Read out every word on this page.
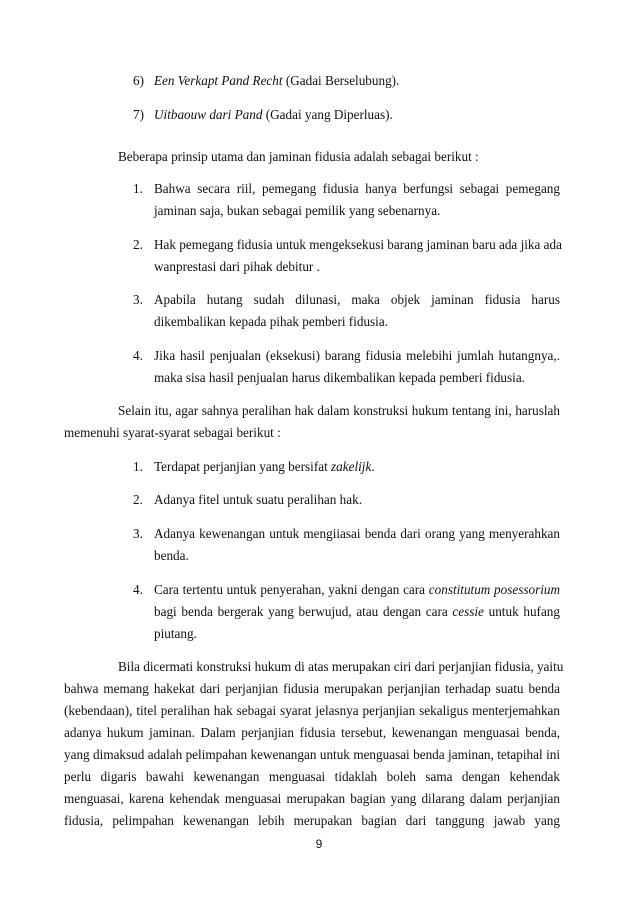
6) Een Verkapt Pand Recht (Gadai Berselubung).
7) Uitbaouw dari Pand (Gadai yang Diperluas).
Beberapa prinsip utama dan jaminan fidusia adalah sebagai berikut :
1. Bahwa secara riil, pemegang fidusia hanya berfungsi sebagai pemegang
jaminan saja, bukan sebagai pemilik yang sebenarnya.
2. Hak pemegang fidusia untuk mengeksekusi barang jaminan baru ada jika ada
wanprestasi dari pihak debitur .
3. Apabila hutang sudah dilunasi, maka objek jaminan fidusia harus
dikembalikan kepada pihak pemberi fidusia.
4. Jika hasil penjualan (eksekusi) barang fidusia melebihi jumlah hutangnya,.
maka sisa hasil penjualan harus dikembalikan kepada pemberi fidusia.
Selain itu, agar sahnya peralihan hak dalam konstruksi hukum tentang ini, haruslah
memenuhi syarat-syarat sebagai berikut :
1. Terdapat perjanjian yang bersifat zakelijk.
2. Adanya fitel untuk suatu peralihan hak.
3. Adanya kewenangan untuk mengiiasai benda dari orang yang menyerahkan
benda.
4. Cara tertentu untuk penyerahan, yakni dengan cara constitutum posessorium
bagi benda bergerak yang berwujud, atau dengan cara cessie untuk hufang
piutang.
Bila dicermati konstruksi hukum di atas merupakan ciri dari perjanjian fidusia, yaitu
bahwa memang hakekat dari perjanjian fidusia merupakan perjanjian terhadap suatu benda
(kebendaan), titel peralihan hak sebagai syarat jelasnya perjanjian sekaligus menterjemahkan
adanya hukum jaminan. Dalam perjanjian fidusia tersebut, kewenangan menguasai benda,
yang dimaksud adalah pelimpahan kewenangan untuk menguasai benda jaminan, tetapihal ini
perlu digaris bawahi kewenangan menguasai tidaklah boleh sama dengan kehendak
menguasai, karena kehendak menguasai merupakan bagian yang dilarang dalam perjanjian
fidusia, pelimpahan kewenangan lebih merupakan bagian dari tanggung jawab yang
9
